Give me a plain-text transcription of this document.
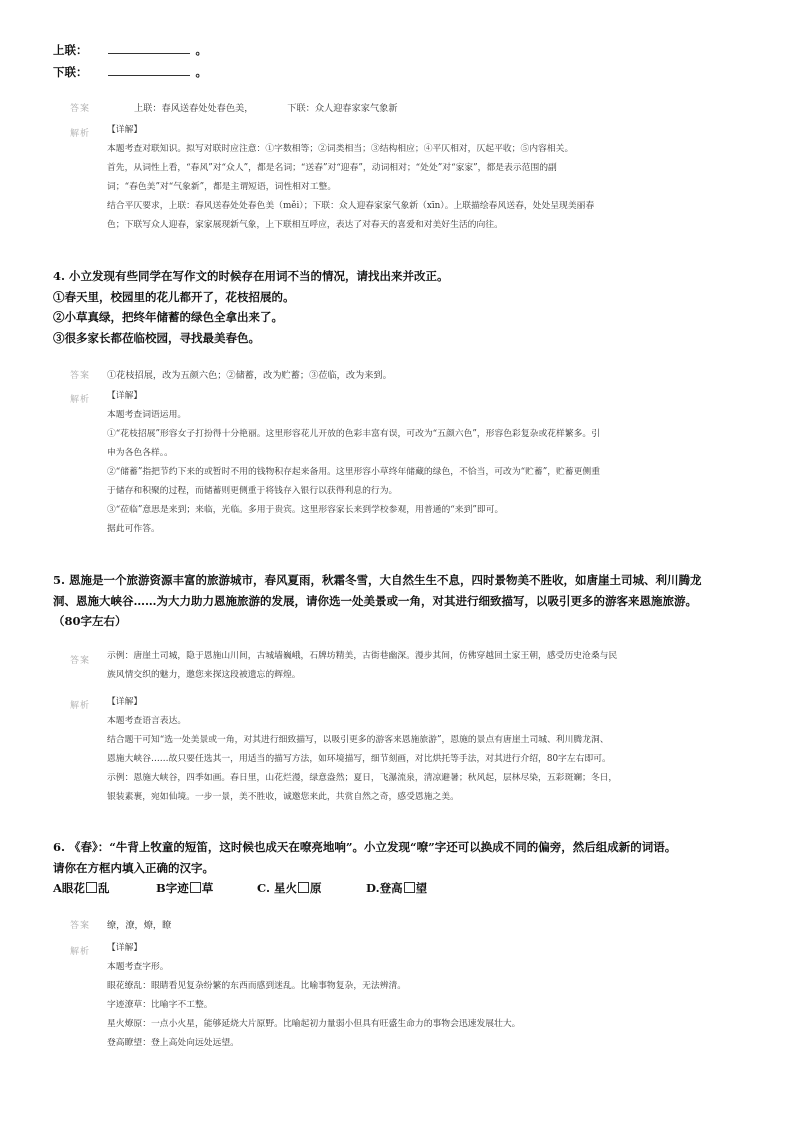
上联：	。
下联：	。
答案	上联：春风送春处处春色美，	下联：众人迎春家家气象新
解析 【详解】
本题考查对联知识。拟写对联时应注意：①字数相等；②词类相当；③结构相应；④平仄相对，仄起平收；⑤内容相关。
首先，从词性上看，“春风”对“众人”，都是名词；“送春”对“迎春”，动词相对；“处处”对“家家”，都是表示范围的副
词；“春色美”对“气象新”，都是主谓短语，词性相对工整。
结合平仄要求，上联：春风送春处处春色美（měi）；下联：众人迎春家家气象新（xīn）。上联描绘春风送春，处处呈现美丽春
色；下联写众人迎春，家家展现新气象，上下联相互呼应，表达了对春天的喜爱和对美好生活的向往。
4. 小立发现有些同学在写作文的时候存在用词不当的情况，请找出来并改正。
①春天里，校园里的花儿都开了，花枝招展的。
②小草真绿，把终年储蓄的绿色全拿出来了。
③很多家长都莅临校园，寻找最美春色。
答案 ①花枝招展，改为五颜六色；②储蓄，改为贮蓄；③莅临，改为来到。
解析 【详解】
本题考查词语运用。
①“花枝招展”形容女子打扮得十分艳丽。这里形容花儿开放的色彩丰富有误，可改为“五颜六色”，形容色彩复杂或花样繁多。引
申为各色各样。。
②“储蓄”指把节约下来的或暂时不用的钱物积存起来备用。这里形容小草终年储藏的绿色，不恰当，可改为“贮蓄”，贮蓄更侧重
于储存和积聚的过程，而储蓄则更侧重于将钱存入银行以获得利息的行为。
③“莅临”意思是来到；来临，光临。多用于贵宾。这里形容家长来到学校参观，用普通的“来到”即可。
据此可作答。
5. 恩施是一个旅游资源丰富的旅游城市，春风夏雨，秋霜冬雪，大自然生生不息，四时景物美不胜收，如唐崖土司城、利川腾龙
洞、恩施大峡谷……为大力助力恩施旅游的发展，请你选一处美景或一角，对其进行细致描写，以吸引更多的游客来恩施旅游。
（80字左右）
答案 示例：唐崖土司城，隐于恩施山川间，古城墙巍峨，石牌坊精美，古街巷幽深。漫步其间，仿佛穿越回土家王朝，感受历史沧桑与民
族风情交织的魅力，邀您来探这段被遗忘的辉煌。
解析 【详解】
本题考查语言表达。
结合题干可知“选一处美景或一角，对其进行细致描写，以吸引更多的游客来恩施旅游”，恩施的景点有唐崖土司城、利川腾龙洞、
恩施大峡谷……故只要任选其一，用适当的描写方法，如环境描写，细节刻画，对比烘托等手法，对其进行介绍，80字左右即可。
示例：恩施大峡谷，四季如画。春日里，山花烂漫，绿意盎然；夏日，飞瀑流泉，清凉避暑；秋风起，层林尽染，五彩斑斓；冬日，
银装素裹，宛如仙境。一步一景，美不胜收，诚邀您来此，共赏自然之奇，感受恩施之美。
6. 《春》：“牛背上牧童的短笛，这时候也成天在嘹亮地响”。小立发现“嘹”字还可以换成不同的偏旁，然后组成新的词语。
请你在方框内填入正确的汉字。
A眼花 乱	B字迹 草	C. 星火 原	D.登高 望
答案 缭，潦，燎，瞭
解析 【详解】
本题考查字形。
眼花缭乱：眼睛看见复杂纷繁的东西而感到迷乱。比喻事物复杂，无法辨清。
字迹潦草：比喻字不工整。
星火燎原：一点小火星，能够延烧大片原野。比喻起初力量弱小但具有旺盛生命力的事物会迅速发展壮大。
登高瞭望：登上高处向远处远望。
